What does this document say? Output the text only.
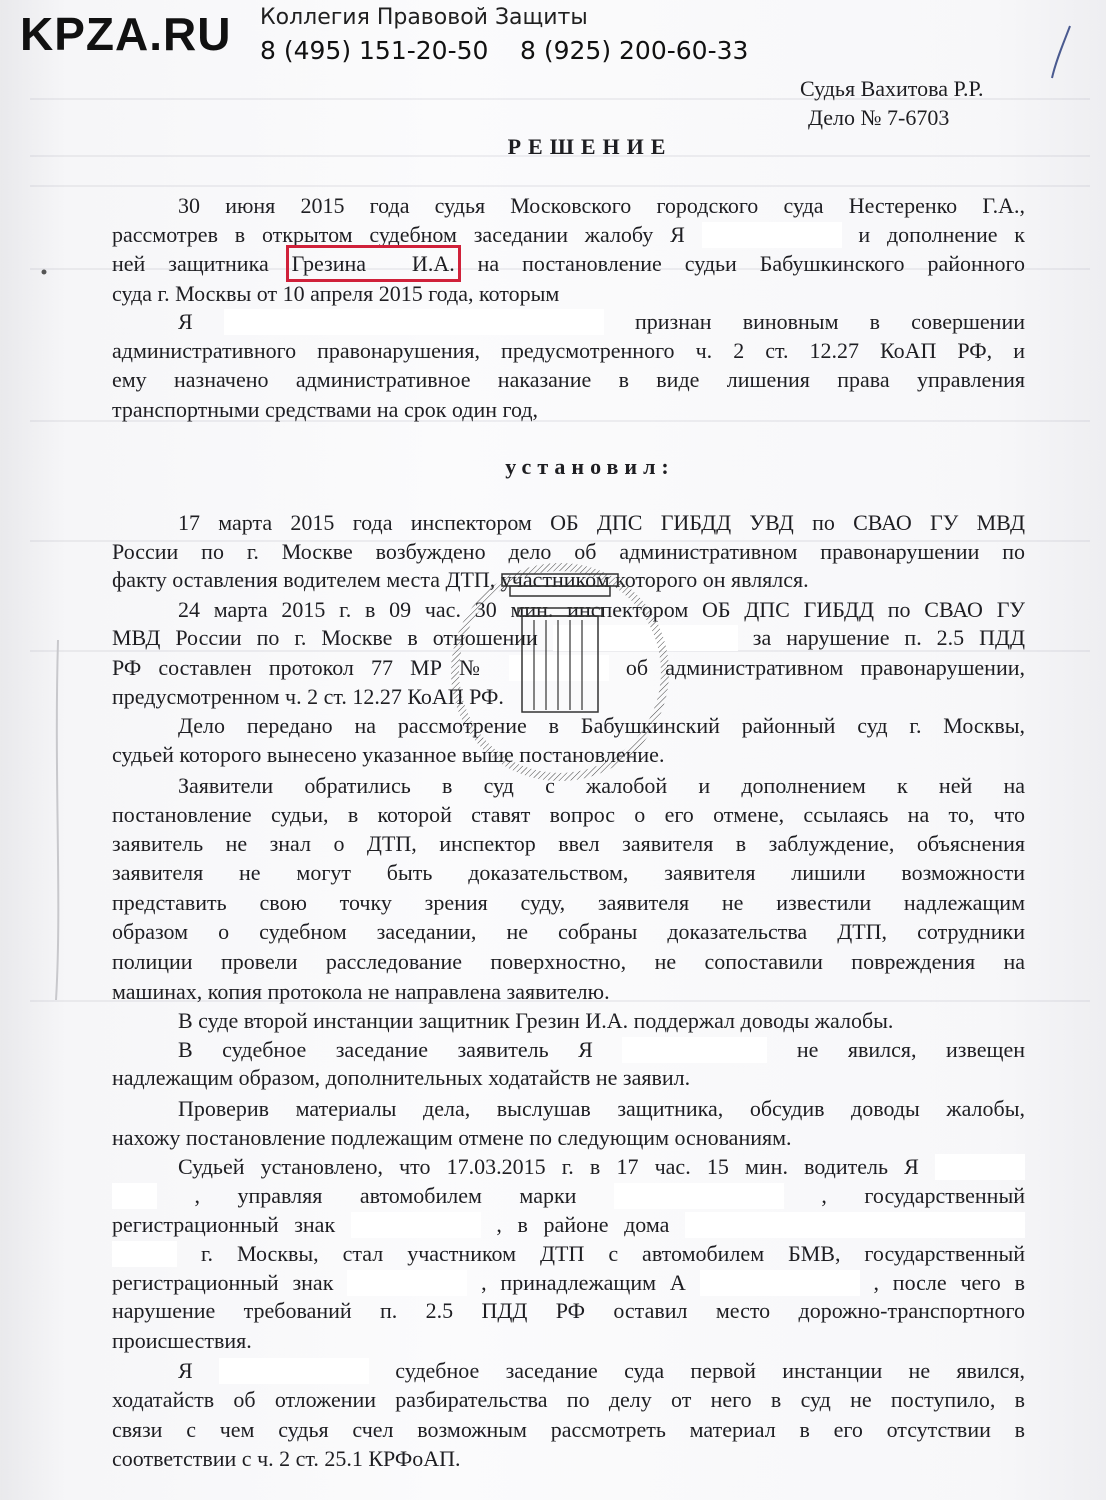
Судья Вахитова Р.Р.
Дело № 7-6703
РЕШЕНИЕ
установил:
30 июня 2015 года судья Московского городского суда Нестеренко Г.А.,
рассмотрев в открытом судебном заседании жалобу Я	и дополнение к
ней защитника Грезина  И.А. на постановление судьи Бабушкинского районного
суда г. Москвы от 10 апреля 2015 года, которым
Я	признан виновным в совершении
административного правонарушения, предусмотренного ч. 2 ст. 12.27 КоАП РФ, и
ему назначено административное наказание в виде лишения права управления
транспортными средствами на срок один год,
17 марта 2015 года инспектором ОБ ДПС ГИБДД УВД по СВАО ГУ МВД
России по г. Москве возбуждено дело об административном правонарушении по
факту оставления водителем места ДТП, участником которого он являлся.
24 марта 2015 г. в 09 час. 30 мин. инспектором ОБ ДПС ГИБДД по СВАО ГУ
МВД России по г. Москве в отношении	за нарушение п. 2.5 ПДД
РФ составлен протокол 77 МР №	об административном правонарушении,
предусмотренном ч. 2 ст. 12.27 КоАП РФ.
Дело передано на рассмотрение в Бабушкинский районный суд г. Москвы,
судьей которого вынесено указанное выше постановление.
Заявители обратились в суд с жалобой и дополнением к ней на
постановление судьи, в которой ставят вопрос о его отмене, ссылаясь на то, что
заявитель не знал о ДТП, инспектор ввел заявителя в заблуждение, объяснения
заявителя не могут быть доказательством, заявителя лишили возможности
представить свою точку зрения суду, заявителя не известили надлежащим
образом о судебном заседании, не собраны доказательства ДТП, сотрудники
полиции провели расследование поверхностно, не сопоставили повреждения на
машинах, копия протокола не направлена заявителю.
В суде второй инстанции защитник Грезин И.А. поддержал доводы жалобы.
В судебное заседание заявитель Я	не явился, извещен
надлежащим образом, дополнительных ходатайств не заявил.
Проверив материалы дела, выслушав защитника, обсудив доводы жалобы,
нахожу постановление подлежащим отмене по следующим основаниям.
Судьей установлено, что 17.03.2015 г. в 17 час. 15 мин. водитель Я
, управляя автомобилем марки	, государственный
регистрационный знак	, в районе дома
г. Москвы, стал участником ДТП с автомобилем БМВ, государственный
регистрационный знак	, принадлежащим А	, после чего в
нарушение требований п. 2.5 ПДД РФ оставил место дорожно-транспортного
происшествия.
Я	судебное заседание суда первой инстанции не явился,
ходатайств об отложении разбирательства по делу от него в суд не поступило, в
связи с чем судья счел возможным рассмотреть материал в его отсутствии в
соответствии с ч. 2 ст. 25.1 КРФоАП.
KPZA.RU Коллегия Правовой Защиты
8 (495) 151-20-50 8 (925) 200-60-33
